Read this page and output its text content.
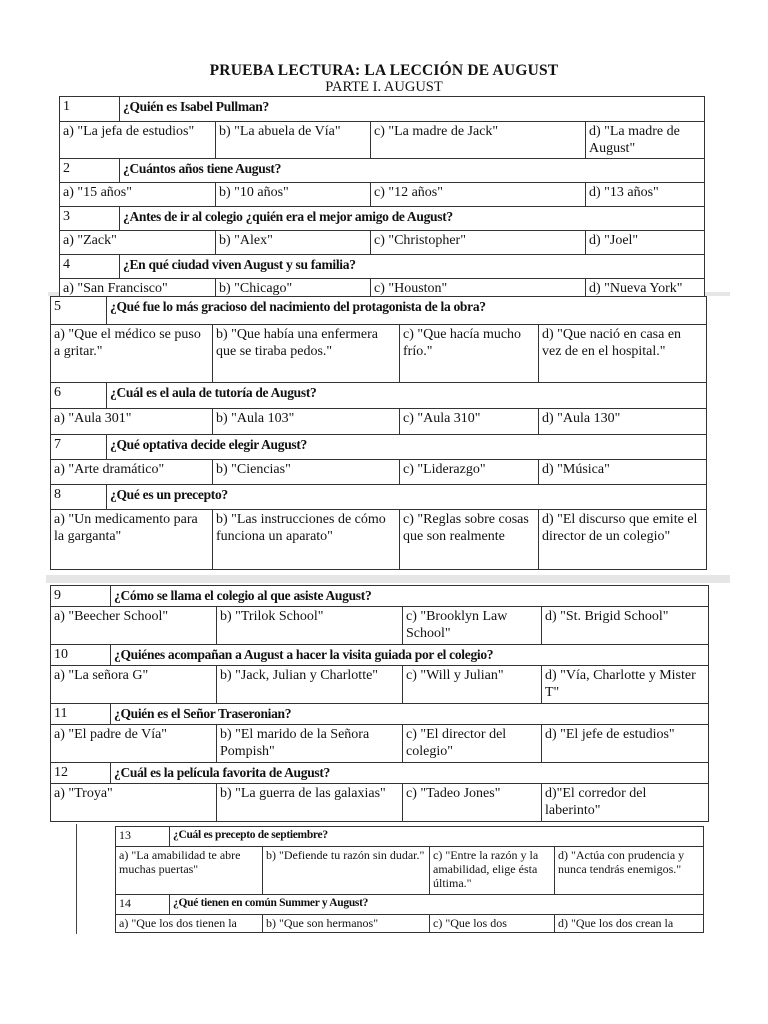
PRUEBA LECTURA: LA LECCIÓN DE AUGUST
PARTE I. AUGUST
1	¿Quién es Isabel Pullman?			
a) "La jefa de estudios"		b) "La abuela de Vía"	c) "La madre de Jack"	d) "La madre de August"
2	¿Cuántos años tiene August?			
a) "15 años"		b) "10 años"	c) "12 años"	d) "13 años"
3	¿Antes de ir al colegio ¿quién era el mejor amigo de August?			
a) "Zack"		b) "Alex"	c) "Christopher"	d) "Joel"
4	¿En qué ciudad viven August y su familia?			
a) "San Francisco"		b) "Chicago"	c) "Houston"	d) "Nueva York"
5	¿Qué fue lo más gracioso del nacimiento del protagonista de la obra?			
a) "Que el médico se puso a gritar."		b) "Que había una enfermera que se tiraba pedos."	c) "Que hacía mucho frío."	d) "Que nació en casa en vez de en el hospital."
6	¿Cuál es el aula de tutoría de August?			
a) "Aula 301"		b) "Aula 103"	c) "Aula 310"	d) "Aula 130"
7	¿Qué optativa decide elegir August?			
a) "Arte dramático"		b) "Ciencias"	c) "Liderazgo"	d) "Música"
8	¿Qué es un precepto?			
a) "Un medicamento para la garganta"		b) "Las instrucciones de cómo funciona un aparato"	c) "Reglas sobre cosas que son realmente	d) "El discurso que emite el director de un colegio"
9	¿Cómo se llama el colegio al que asiste August?			
a) "Beecher School"		b) "Trilok School"	c) "Brooklyn Law School"	d) "St. Brigid School"
10	¿Quiénes acompañan a August a hacer la visita guiada por el colegio?			
a) "La señora G"		b) "Jack, Julian y Charlotte"	c) "Will y Julian"	d) "Vía, Charlotte y Mister T"
11	¿Quién es el Señor Traseronian?			
a) "El padre de Vía"		b) "El marido de la Señora Pompish"	c) "El director del colegio"	d) "El jefe de estudios"
12	¿Cuál es la película favorita de August?			
a) "Troya"		b) "La guerra de las galaxias"	c) "Tadeo Jones"	d)"El corredor del laberinto"
13	¿Cuál es precepto de septiembre?			
a) "La amabilidad te abre muchas puertas"		b) "Defiende tu razón sin dudar."	c) "Entre la razón y la amabilidad, elige ésta última."	d) "Actúa con prudencia y nunca tendrás enemigos."
14	¿Qué tienen en común Summer y August?			
a) "Que los dos tienen la		b) "Que son hermanos"	c) "Que los dos	d) "Que los dos crean la
